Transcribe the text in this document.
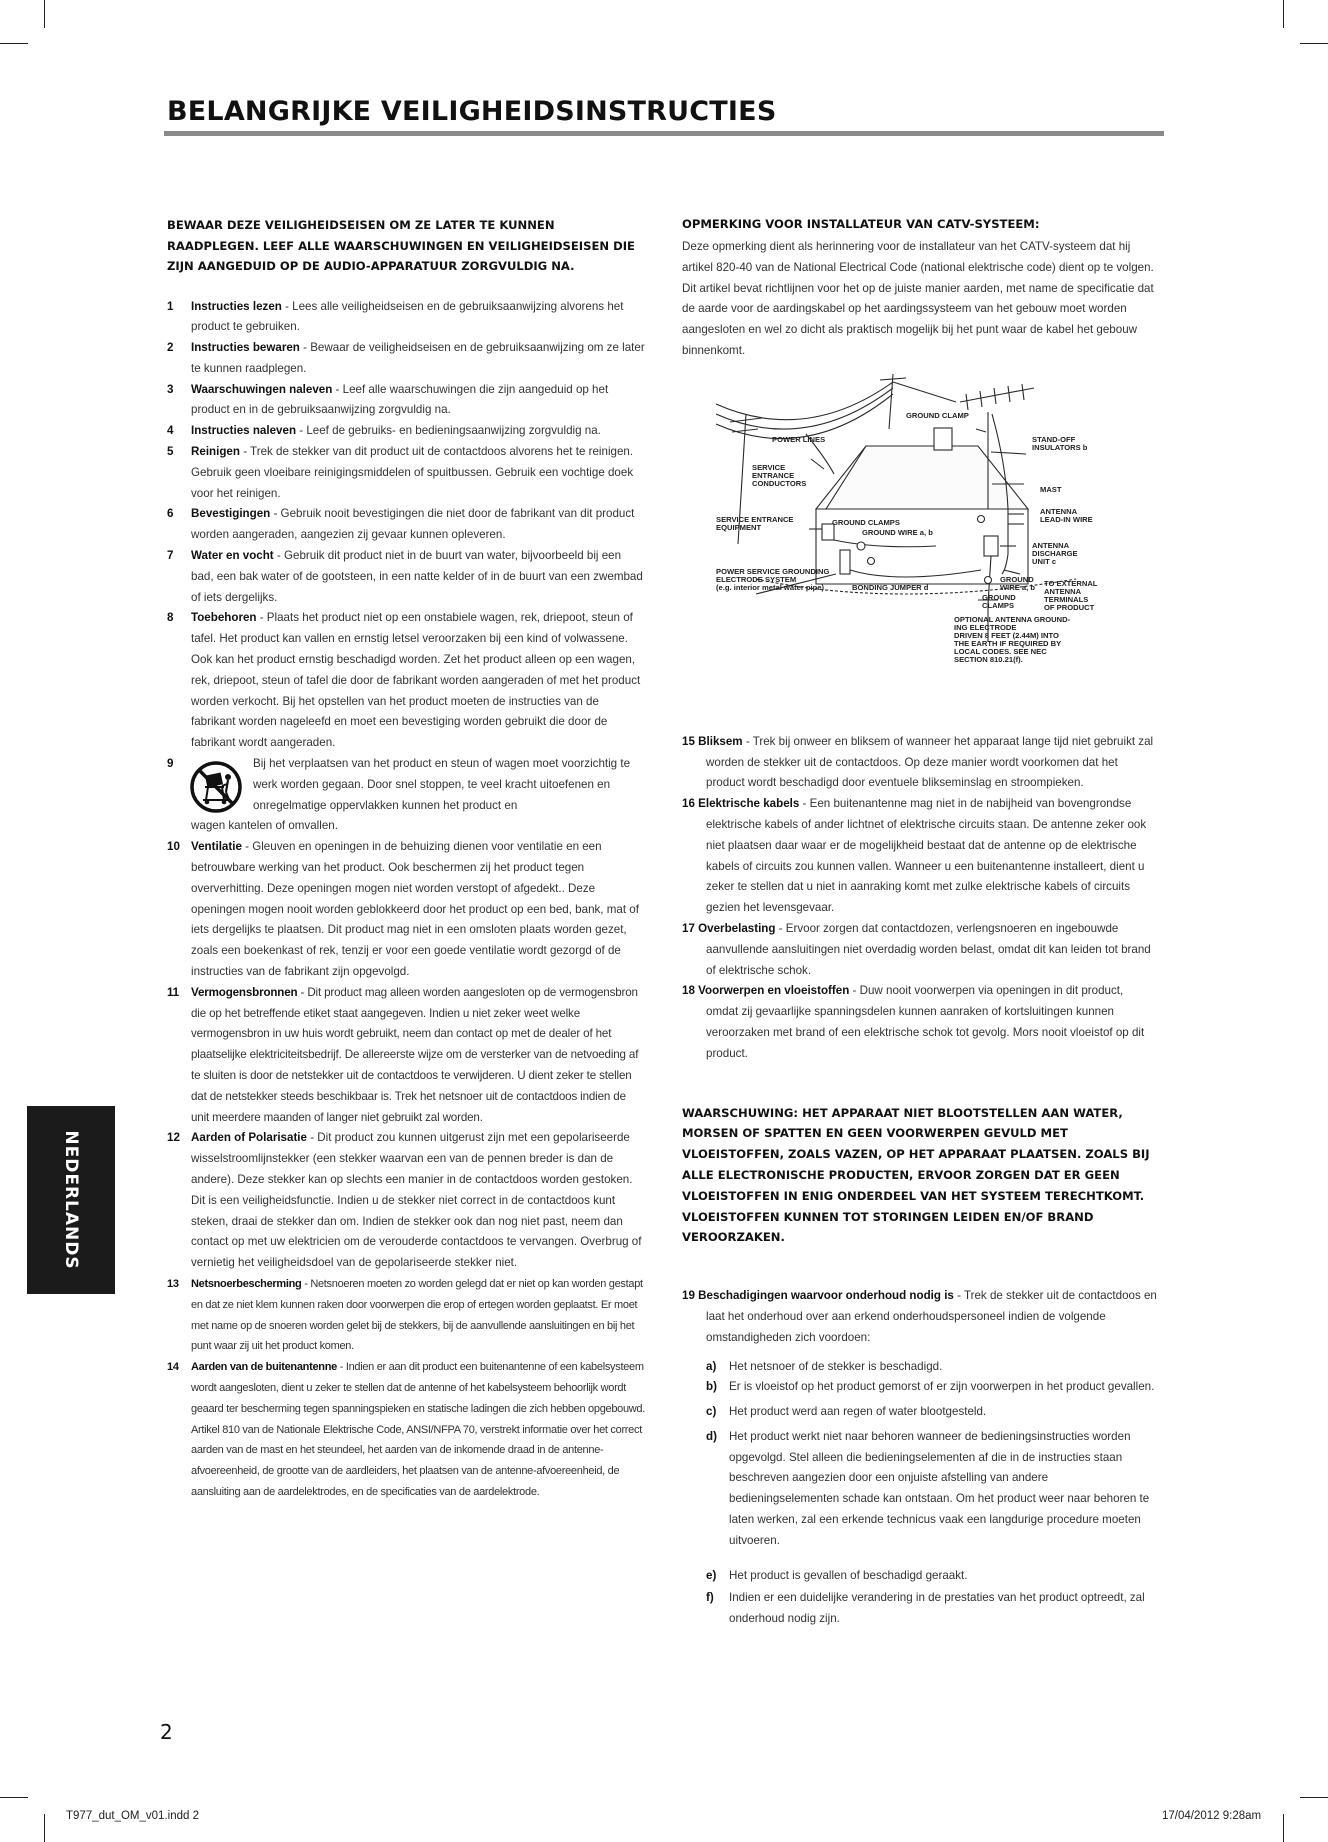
BELANGRIJKE VEILIGHEIDSINSTRUCTIES
BEWAAR DEZE VEILIGHEIDSEISEN OM ZE LATER TE KUNNEN RAADPLEGEN. LEEF ALLE WAARSCHUWINGEN EN VEILIGHEIDSEISEN DIE ZIJN AANGEDUID OP DE AUDIO-APPARATUUR ZORGVULDIG NA.
1 Instructies lezen - Lees alle veiligheidseisen en de gebruiksaanwijzing alvorens het product te gebruiken.
2 Instructies bewaren - Bewaar de veiligheidseisen en de gebruiksaanwijzing om ze later te kunnen raadplegen.
3 Waarschuwingen naleven - Leef alle waarschuwingen die zijn aangeduid op het product en in de gebruiksaanwijzing zorgvuldig na.
4 Instructies naleven - Leef de gebruiks- en bedieningsaanwijzing zorgvuldig na.
5 Reinigen - Trek de stekker van dit product uit de contactdoos alvorens het te reinigen. Gebruik geen vloeibare reinigingsmiddelen of spuitbussen. Gebruik een vochtige doek voor het reinigen.
6 Bevestigingen - Gebruik nooit bevestigingen die niet door de fabrikant van dit product worden aangeraden, aangezien zij gevaar kunnen opleveren.
7 Water en vocht - Gebruik dit product niet in de buurt van water, bijvoorbeeld bij een bad, een bak water of de gootsteen, in een natte kelder of in de buurt van een zwembad of iets dergelijks.
8 Toebehoren - Plaats het product niet op een onstabiele wagen, rek, driepoot, steun of tafel. Het product kan vallen en ernstig letsel veroorzaken bij een kind of volwassene. Ook kan het product ernstig beschadigd worden. Zet het product alleen op een wagen, rek, driepoot, steun of tafel die door de fabrikant worden aangeraden of met het product worden verkocht. Bij het opstellen van het product moeten de instructies van de fabrikant worden nageleefd en moet een bevestiging worden gebruikt die door de fabrikant wordt aangeraden.
9	Bij het verplaatsen van het product en steun of wagen moet voorzichtig te werk worden gegaan. Door snel stoppen, te veel kracht uitoefenen en onregelmatige oppervlakken kunnen het product en
wagen kantelen of omvallen.
10 Ventilatie - Gleuven en openingen in de behuizing dienen voor ventilatie en een betrouwbare werking van het product. Ook beschermen zij het product tegen oververhitting. Deze openingen mogen niet worden verstopt of afgedekt.. Deze openingen mogen nooit worden geblokkeerd door het product op een bed, bank, mat of iets dergelijks te plaatsen. Dit product mag niet in een omsloten plaats worden gezet, zoals een boekenkast of rek, tenzij er voor een goede ventilatie wordt gezorgd of de instructies van de fabrikant zijn opgevolgd.
11 Vermogensbronnen - Dit product mag alleen worden aangesloten op de vermogensbron die op het betreffende etiket staat aangegeven. Indien u niet zeker weet welke vermogensbron in uw huis wordt gebruikt, neem dan contact op met de dealer of het plaatselijke elektriciteitsbedrijf. De allereerste wijze om de versterker van de netvoeding af te sluiten is door de netstekker uit de contactdoos te verwijderen. U dient zeker te stellen dat de netstekker steeds beschikbaar is. Trek het netsnoer uit de contactdoos indien de unit meerdere maanden of langer niet gebruikt zal worden.
12 Aarden of Polarisatie - Dit product zou kunnen uitgerust zijn met een gepolariseerde wisselstroomlijnstekker (een stekker waarvan een van de pennen breder is dan de andere). Deze stekker kan op slechts een manier in de contactdoos worden gestoken. Dit is een veiligheidsfunctie. Indien u de stekker niet correct in de contactdoos kunt steken, draai de stekker dan om. Indien de stekker ook dan nog niet past, neem dan contact op met uw elektricien om de verouderde contactdoos te vervangen. Overbrug of vernietig het veiligheidsdoel van de gepolariseerde stekker niet.
13 Netsnoerbescherming - Netsnoeren moeten zo worden gelegd dat er niet op kan worden gestapt en dat ze niet klem kunnen raken door voorwerpen die erop of ertegen worden geplaatst. Er moet met name op de snoeren worden gelet bij de stekkers, bij de aanvullende aansluitingen en bij het punt waar zij uit het product komen.
14 Aarden van de buitenantenne - Indien er aan dit product een buitenantenne of een kabelsysteem wordt aangesloten, dient u zeker te stellen dat de antenne of het kabelsysteem behoorlijk wordt geaard ter bescherming tegen spanningspieken en statische ladingen die zich hebben opgebouwd. Artikel 810 van de Nationale Elektrische Code, ANSI/NFPA 70, verstrekt informatie over het correct aarden van de mast en het steundeel, het aarden van de inkomende draad in de antenne-afvoereenheid, de grootte van de aardleiders, het plaatsen van de antenne-afvoereenheid, de aansluiting aan de aardelektrodes, en de specificaties van de aardelektrode.
OPMERKING VOOR INSTALLATEUR VAN CATV-SYSTEEM:
Deze opmerking dient als herinnering voor de installateur van het CATV-systeem dat hij artikel 820-40 van de National Electrical Code (national elektrische code) dient op te volgen. Dit artikel bevat richtlijnen voor het op de juiste manier aarden, met name de specificatie dat de aarde voor de aardingskabel op het aardingssysteem van het gebouw moet worden aangesloten en wel zo dicht als praktisch mogelijk bij het punt waar de kabel het gebouw binnenkomt.
GROUND CLAMP
POWER LINES	STAND-OFF
INSULATORS b
SERVICE
ENTRANCE
CONDUCTORS
MAST
ANTENNA
LEAD-IN WIRE
SERVICE ENTRANCE
EQUIPMENT
GROUND CLAMPS
GROUND WIRE a, b
ANTENNA
DISCHARGE
UNIT c
POWER SERVICE GROUNDING
ELECTRODE SYSTEM
(e.g. interior metal water pipe)	BONDING JUMPER d
GROUND
WIRE a, b
GROUND
CLAMPS
TO EXTERNAL
ANTENNA
TERMINALS
OF PRODUCT
OPTIONAL ANTENNA GROUND-
ING ELECTRODE
DRIVEN 8 FEET (2.44M) INTO
THE EARTH IF REQUIRED BY
LOCAL CODES. SEE NEC
SECTION 810.21(f).
15 Bliksem - Trek bij onweer en bliksem of wanneer het apparaat lange tijd niet gebruikt zal worden de stekker uit de contactdoos. Op deze manier wordt voorkomen dat het product wordt beschadigd door eventuele blikseminslag en stroompieken.
16 Elektrische kabels - Een buitenantenne mag niet in de nabijheid van bovengrondse elektrische kabels of ander lichtnet of elektrische circuits staan. De antenne zeker ook niet plaatsen daar waar er de mogelijkheid bestaat dat de antenne op de elektrische kabels of circuits zou kunnen vallen. Wanneer u een buitenantenne installeert, dient u zeker te stellen dat u niet in aanraking komt met zulke elektrische kabels of circuits gezien het levensgevaar.
17 Overbelasting - Ervoor zorgen dat contactdozen, verlengsnoeren en ingebouwde aanvullende aansluitingen niet overdadig worden belast, omdat dit kan leiden tot brand of elektrische schok.
18 Voorwerpen en vloeistoffen - Duw nooit voorwerpen via openingen in dit product, omdat zij gevaarlijke spanningsdelen kunnen aanraken of kortsluitingen kunnen veroorzaken met brand of een elektrische schok tot gevolg. Mors nooit vloeistof op dit product.
WAARSCHUWING: HET APPARAAT NIET BLOOTSTELLEN AAN WATER, MORSEN OF SPATTEN EN GEEN VOORWERPEN GEVULD MET VLOEISTOFFEN, ZOALS VAZEN, OP HET APPARAAT PLAATSEN. ZOALS BIJ ALLE ELECTRONISCHE PRODUCTEN, ERVOOR ZORGEN DAT ER GEEN VLOEISTOFFEN IN ENIG ONDERDEEL VAN HET SYSTEEM TERECHTKOMT. VLOEISTOFFEN KUNNEN TOT STORINGEN LEIDEN EN/OF BRAND VEROORZAKEN.
19 Beschadigingen waarvoor onderhoud nodig is - Trek de stekker uit de contactdoos en laat het onderhoud over aan erkend onderhoudspersoneel indien de volgende omstandigheden zich voordoen:
a) Het netsnoer of de stekker is beschadigd.
b) Er is vloeistof op het product gemorst of er zijn voorwerpen in het product gevallen.
c) Het product werd aan regen of water blootgesteld.
d) Het product werkt niet naar behoren wanneer de bedieningsinstructies worden opgevolgd. Stel alleen die bedieningselementen af die in de instructies staan beschreven aangezien door een onjuiste afstelling van andere bedieningselementen schade kan ontstaan. Om het product weer naar behoren te laten werken, zal een erkende technicus vaak een langdurige procedure moeten uitvoeren.
e) Het product is gevallen of beschadigd geraakt.
f) Indien er een duidelijke verandering in de prestaties van het product optreedt, zal onderhoud nodig zijn.
NEDERLANDS
2
T977_dut_OM_v01.indd 2	17/04/2012 9:28am
